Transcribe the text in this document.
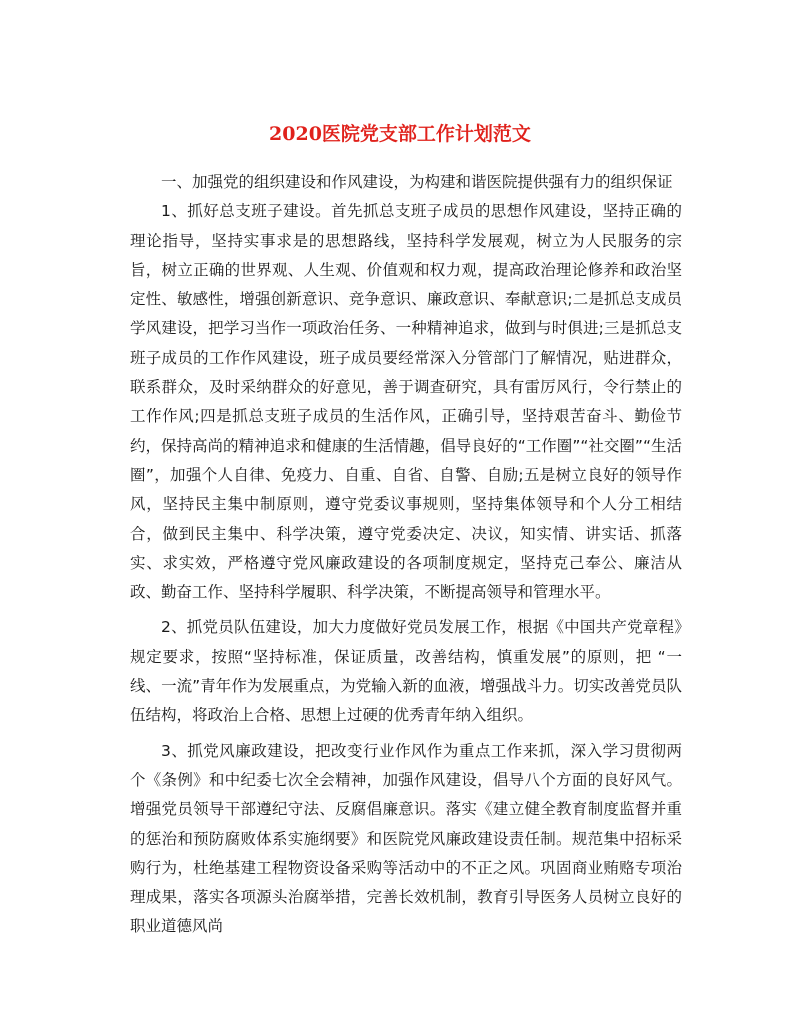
2020医院党支部工作计划范文

一、加强党的组织建设和作风建设，为构建和谐医院提供强有力的组织保证

1、抓好总支班子建设。首先抓总支班子成员的思想作风建设，坚持正确的理论指导，坚持实事求是的思想路线，坚持科学发展观，树立为人民服务的宗旨，树立正确的世界观、人生观、价值观和权力观，提高政治理论修养和政治坚定性、敏感性，增强创新意识、竞争意识、廉政意识、奉献意识;二是抓总支成员学风建设，把学习当作一项政治任务、一种精神追求，做到与时俱进;三是抓总支班子成员的工作作风建设，班子成员要经常深入分管部门了解情况，贴进群众，联系群众，及时采纳群众的好意见，善于调查研究，具有雷厉风行，令行禁止的工作作风;四是抓总支班子成员的生活作风，正确引导，坚持艰苦奋斗、勤俭节约，保持高尚的精神追求和健康的生活情趣，倡导良好的“工作圈”“社交圈”“生活圈”，加强个人自律、免疫力、自重、自省、自警、自励;五是树立良好的领导作风，坚持民主集中制原则，遵守党委议事规则，坚持集体领导和个人分工相结合，做到民主集中、科学决策，遵守党委决定、决议，知实情、讲实话、抓落实、求实效，严格遵守党风廉政建设的各项制度规定，坚持克己奉公、廉洁从政、勤奋工作、坚持科学履职、科学决策，不断提高领导和管理水平。

2、抓党员队伍建设，加大力度做好党员发展工作，根据《中国共产党章程》规定要求，按照“坚持标准，保证质量，改善结构，慎重发展”的原则，把 “一线、一流”青年作为发展重点，为党输入新的血液，增强战斗力。切实改善党员队伍结构，将政治上合格、思想上过硬的优秀青年纳入组织。

3、抓党风廉政建设，把改变行业作风作为重点工作来抓，深入学习贯彻两个《条例》和中纪委七次全会精神，加强作风建设，倡导八个方面的良好风气。增强党员领导干部遵纪守法、反腐倡廉意识。落实《建立健全教育制度监督并重的惩治和预防腐败体系实施纲要》和医院党风廉政建设责任制。规范集中招标采购行为，杜绝基建工程物资设备采购等活动中的不正之风。巩固商业贿赂专项治理成果，落实各项源头治腐举措，完善长效机制，教育引导医务人员树立良好的职业道德风尚
